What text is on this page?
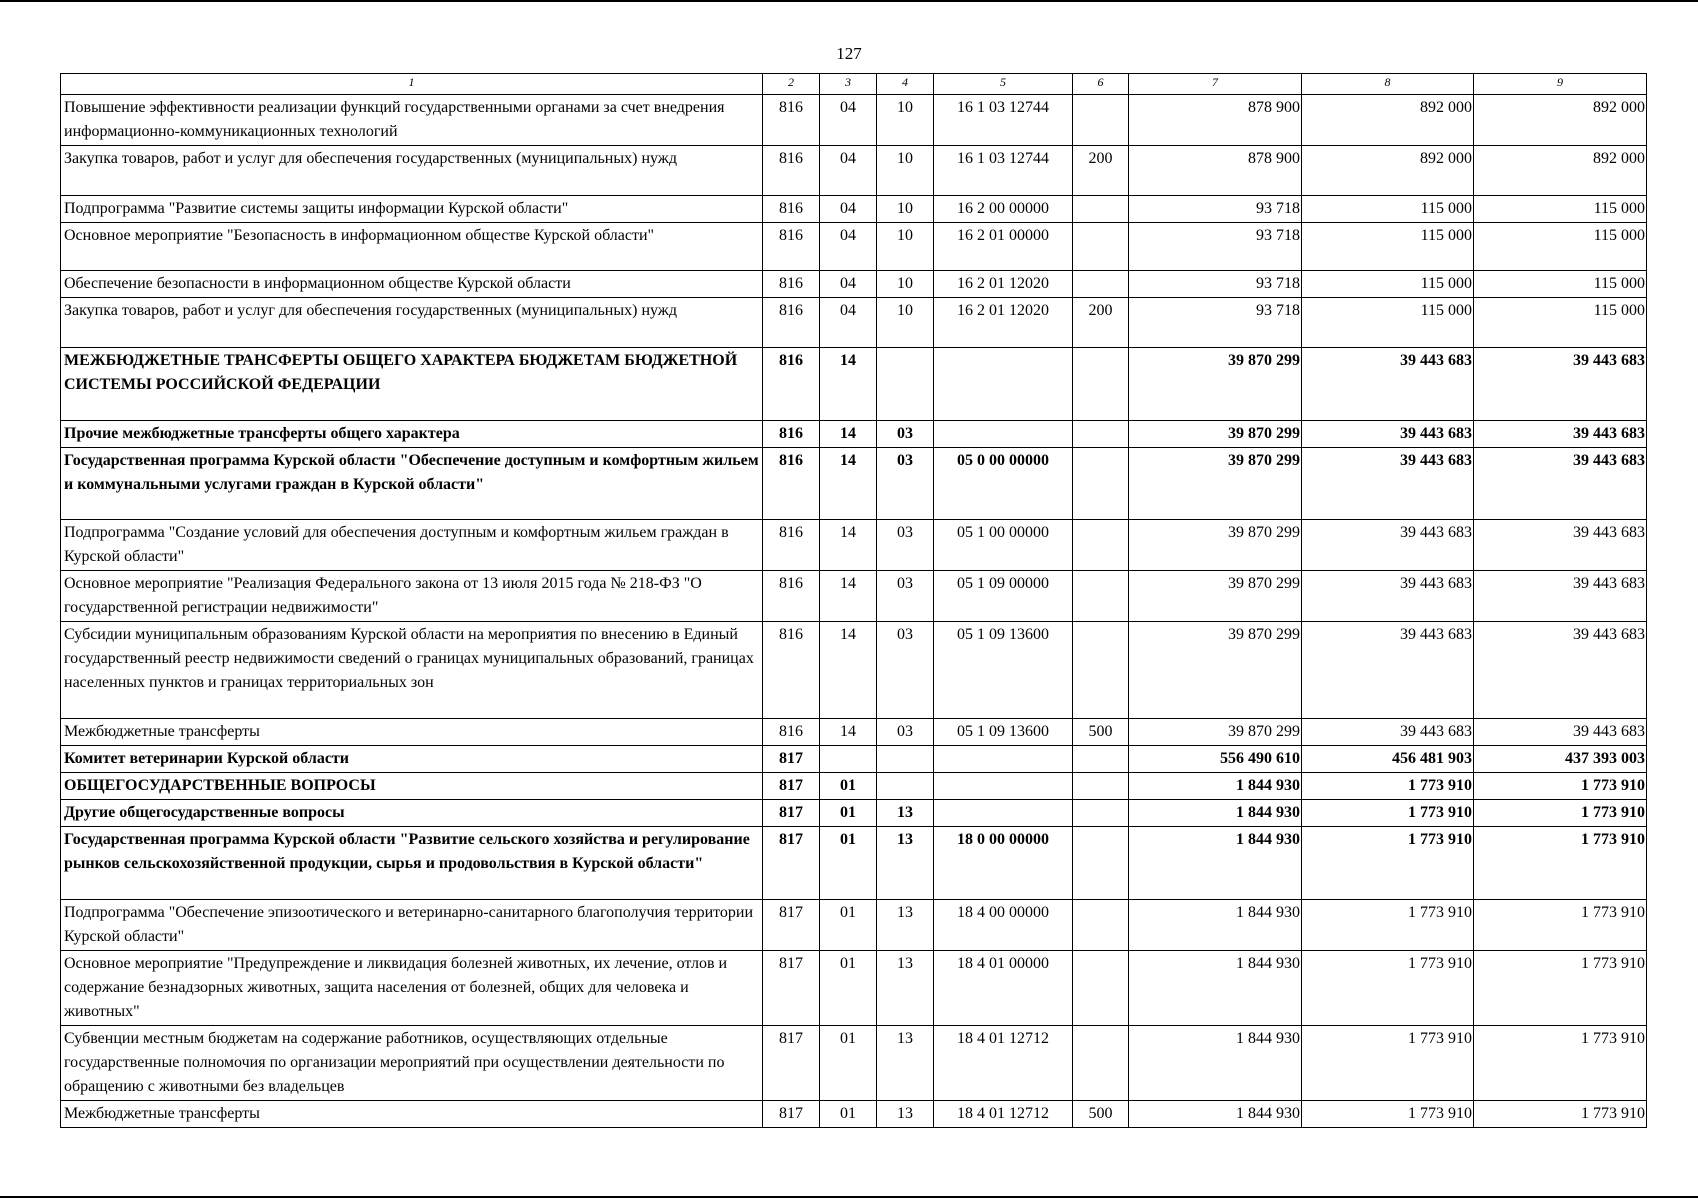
127
1	2	3	4	5	6	7	8	9
Повышение эффективности реализации функций государственными органами за счет внедрения информационно-коммуникационных технологий	816	04	10	16 1 03 12744		878 900	892 000	892 000
Закупка товаров, работ и услуг для обеспечения государственных (муниципальных) нужд	816	04	10	16 1 03 12744	200	878 900	892 000	892 000
Подпрограмма "Развитие системы защиты информации Курской области"	816	04	10	16 2 00 00000		93 718	115 000	115 000
Основное мероприятие "Безопасность в информационном обществе Курской области"	816	04	10	16 2 01 00000		93 718	115 000	115 000
Обеспечение безопасности в информационном обществе Курской области	816	04	10	16 2 01 12020		93 718	115 000	115 000
Закупка товаров, работ и услуг для обеспечения государственных (муниципальных) нужд	816	04	10	16 2 01 12020	200	93 718	115 000	115 000
МЕЖБЮДЖЕТНЫЕ ТРАНСФЕРТЫ ОБЩЕГО ХАРАКТЕРА БЮДЖЕТАМ БЮДЖЕТНОЙ СИСТЕМЫ РОССИЙСКОЙ ФЕДЕРАЦИИ	816	14				39 870 299	39 443 683	39 443 683
Прочие межбюджетные трансферты общего характера	816	14	03			39 870 299	39 443 683	39 443 683
Государственная программа Курской области "Обеспечение доступным и комфортным жильем и коммунальными услугами граждан в Курской области"	816	14	03	05 0 00 00000		39 870 299	39 443 683	39 443 683
Подпрограмма "Создание условий для обеспечения доступным и комфортным жильем граждан в Курской области"	816	14	03	05 1 00 00000		39 870 299	39 443 683	39 443 683
Основное мероприятие "Реализация Федерального закона от 13 июля 2015 года № 218-ФЗ "О государственной регистрации недвижимости"	816	14	03	05 1 09 00000		39 870 299	39 443 683	39 443 683
Субсидии муниципальным образованиям Курской области на мероприятия по внесению в Единый государственный реестр недвижимости сведений о границах муниципальных образований, границах населенных пунктов и границах территориальных зон	816	14	03	05 1 09 13600		39 870 299	39 443 683	39 443 683
Межбюджетные трансферты	816	14	03	05 1 09 13600	500	39 870 299	39 443 683	39 443 683
Комитет ветеринарии Курской области	817					556 490 610	456 481 903	437 393 003
ОБЩЕГОСУДАРСТВЕННЫЕ ВОПРОСЫ	817	01				1 844 930	1 773 910	1 773 910
Другие общегосударственные вопросы	817	01	13			1 844 930	1 773 910	1 773 910
Государственная программа Курской области "Развитие сельского хозяйства и регулирование рынков сельскохозяйственной продукции, сырья и продовольствия в Курской области"	817	01	13	18 0 00 00000		1 844 930	1 773 910	1 773 910
Подпрограмма "Обеспечение эпизоотического и ветеринарно-санитарного благополучия территории Курской области"	817	01	13	18 4 00 00000		1 844 930	1 773 910	1 773 910
Основное мероприятие "Предупреждение и ликвидация болезней животных, их лечение, отлов и содержание безнадзорных животных, защита населения от болезней, общих для человека и животных"	817	01	13	18 4 01 00000		1 844 930	1 773 910	1 773 910
Субвенции местным бюджетам на содержание работников, осуществляющих отдельные государственные полномочия по организации мероприятий при осуществлении деятельности по обращению с животными без владельцев	817	01	13	18 4 01 12712		1 844 930	1 773 910	1 773 910
Межбюджетные трансферты	817	01	13	18 4 01 12712	500	1 844 930	1 773 910	1 773 910
